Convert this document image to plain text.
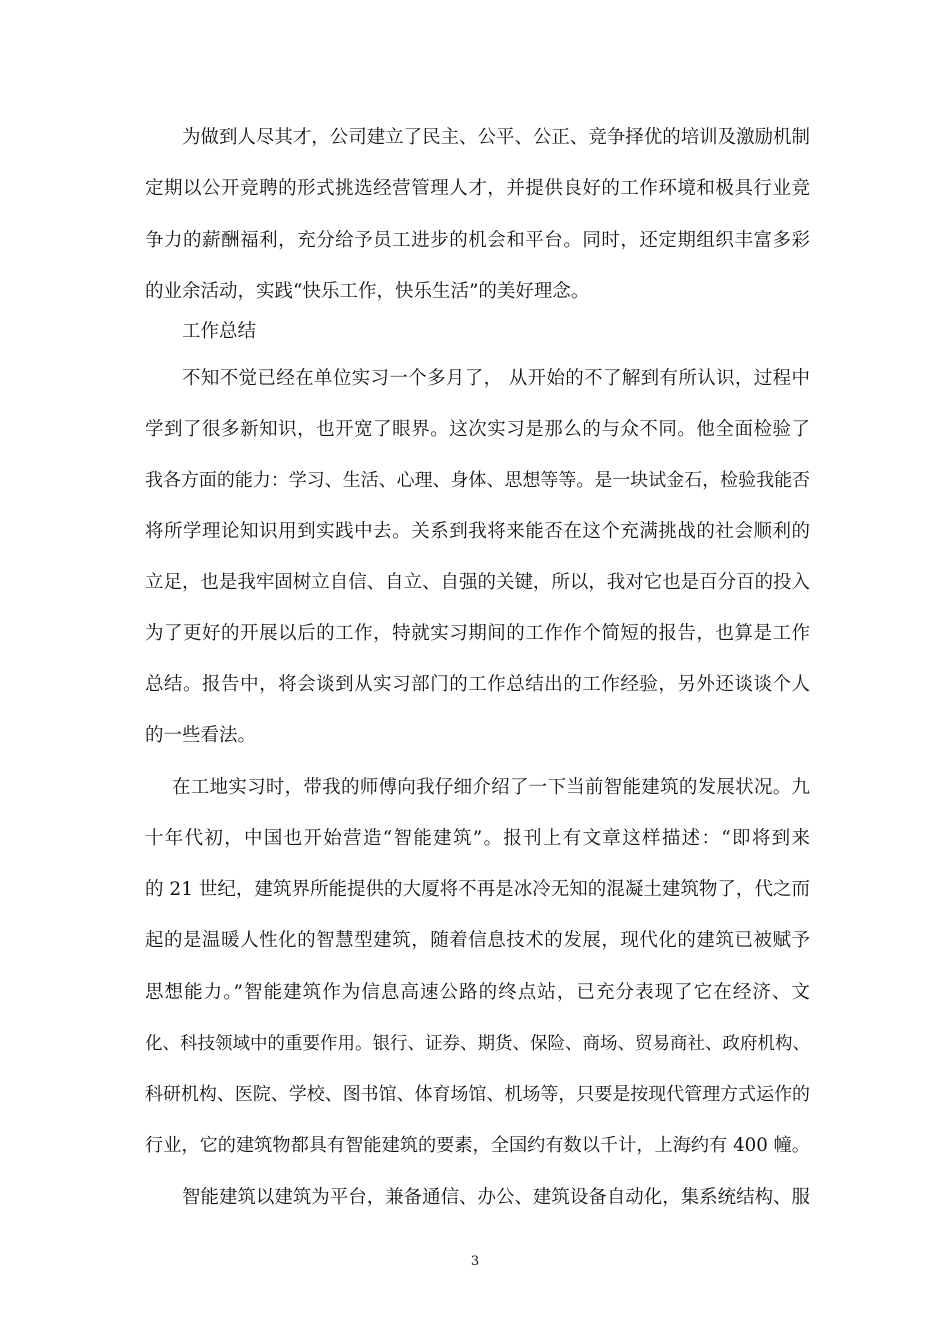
为做到人尽其才，公司建立了民主、公平、公正、竞争择优的培训及激励机制
定期以公开竞聘的形式挑选经营管理人才，并提供良好的工作环境和极具行业竞
争力的薪酬福利，充分给予员工进步的机会和平台。同时，还定期组织丰富多彩
的业余活动，实践“快乐工作，快乐生活”的美好理念。
工作总结
不知不觉已经在单位实习一个多月了， 从开始的不了解到有所认识，过程中
学到了很多新知识，也开宽了眼界。这次实习是那么的与众不同。他全面检验了
我各方面的能力：学习、生活、心理、身体、思想等等。是一块试金石，检验我能否
将所学理论知识用到实践中去。关系到我将来能否在这个充满挑战的社会顺利的
立足，也是我牢固树立自信、自立、自强的关键，所以，我对它也是百分百的投入
为了更好的开展以后的工作，特就实习期间的工作作个简短的报告，也算是工作
总结。报告中，将会谈到从实习部门的工作总结出的工作经验，另外还谈谈个人
的一些看法。
在工地实习时，带我的师傅向我仔细介绍了一下当前智能建筑的发展状况。九
十年代初，中国也开始营造“智能建筑”。报刊上有文章这样描述：“即将到来
的 21 世纪，建筑界所能提供的大厦将不再是冰冷无知的混凝土建筑物了，代之而
起的是温暖人性化的智慧型建筑，随着信息技术的发展，现代化的建筑已被赋予
思想能力。”智能建筑作为信息高速公路的终点站，已充分表现了它在经济、文
化、科技领域中的重要作用。银行、证券、期货、保险、商场、贸易商社、政府机构、
科研机构、医院、学校、图书馆、体育场馆、机场等，只要是按现代管理方式运作的
行业，它的建筑物都具有智能建筑的要素，全国约有数以千计，上海约有 400 幢。
智能建筑以建筑为平台，兼备通信、办公、建筑设备自动化，集系统结构、服
3
